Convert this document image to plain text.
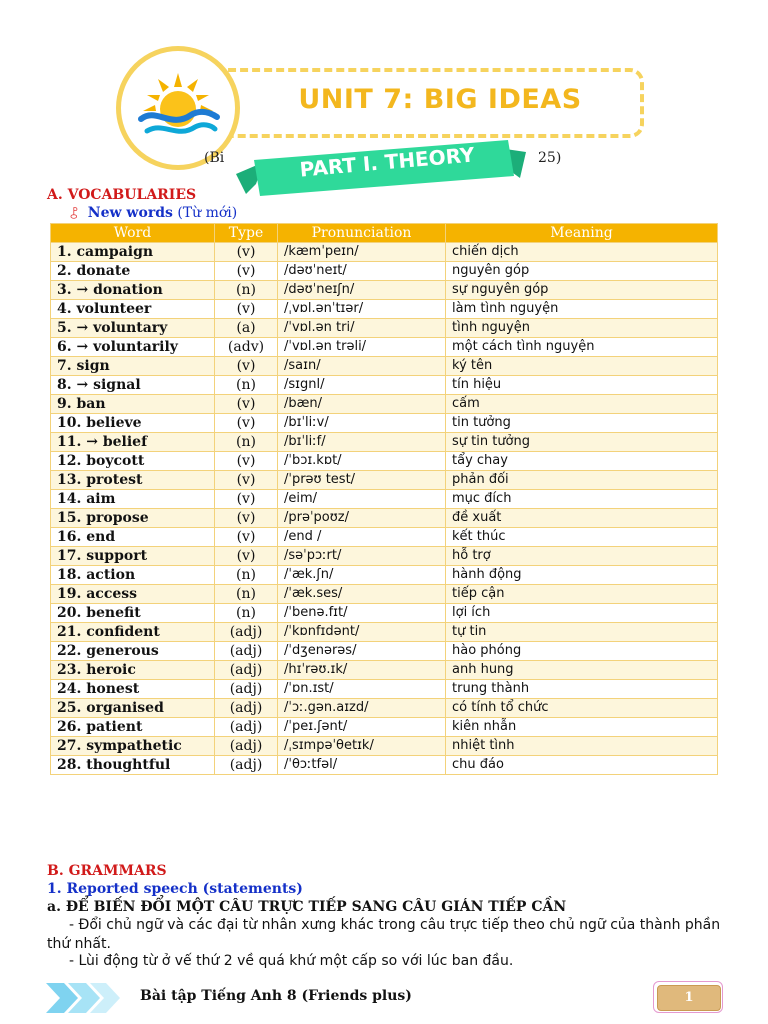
UNIT 7: BIG IDEAS
(Bi	25)
PART I. THEORY
A. VOCABULARIES
⯛ New words (Từ mới)
Word	Type	Pronunciation	Meaning
1. campaign	(v)	/kæmˈpeɪn/	chiến dịch
2. donate	(v)	/dəʊˈneɪt/	nguyên góp
3. → donation	(n)	/dəʊˈneɪʃn/	sự nguyên góp
4. volunteer	(v)	/ˌvɒl.ənˈtɪər/	làm tình nguyện
5. → voluntary	(a)	/ˈvɒl.ən tri/	tình nguyện
6. → voluntarily	(adv)	/ˈvɒl.ən trəli/	một cách tình nguyện
7. sign	(v)	/saɪn/	ký tên
8. → signal	(n)	/sɪgnl/	tín hiệu
9. ban	(v)	/bæn/	cấm
10. believe	(v)	/bɪˈliːv/	tin tưởng
11. → belief	(n)	/bɪˈliːf/	sự tin tưởng
12. boycott	(v)	/ˈbɔɪ.kɒt/	tẩy chay
13. protest	(v)	/ˈprəʊ test/	phản đối
14. aim	(v)	/eim/	mục đích
15. propose	(v)	/prəˈpoʊz/	đề xuất
16. end	(v)	/end /	kết thúc
17. support	(v)	/səˈpɔːrt/	hỗ trợ
18. action	(n)	/ˈæk.ʃn/	hành động
19. access	(n)	/ˈæk.ses/	tiếp cận
20. benefit	(n)	/ˈbenə.fɪt/	lợi ích
21. confident	(adj)	/ˈkɒnfɪdənt/	tự tin
22. generous	(adj)	/ˈdʒenərəs/	hào phóng
23. heroic	(adj)	/hɪˈrəʊ.ɪk/	anh hung
24. honest	(adj)	/ˈɒn.ɪst/	trung thành
25. organised	(adj)	/ˈɔː.gən.aɪzd/	có tính tổ chức
26. patient	(adj)	/ˈpeɪ.ʃənt/	kiên nhẫn
27. sympathetic	(adj)	/ˌsɪmpəˈθetɪk/	nhiệt tình
28. thoughtful	(adj)	/ˈθɔːtfəl/	chu đáo
B. GRAMMARS
1. Reported speech (statements)
a. ĐỂ BIẾN ĐỔI MỘT CÂU TRỰC TIẾP SANG CÂU GIÁN TIẾP CẦN
- Đổi chủ ngữ và các đại từ nhân xưng khác trong câu trực tiếp theo chủ ngữ của thành phần thứ nhất.
- Lùi động từ ở vế thứ 2 về quá khứ một cấp so với lúc ban đầu.
Bài tập Tiếng Anh 8 (Friends plus)	1
